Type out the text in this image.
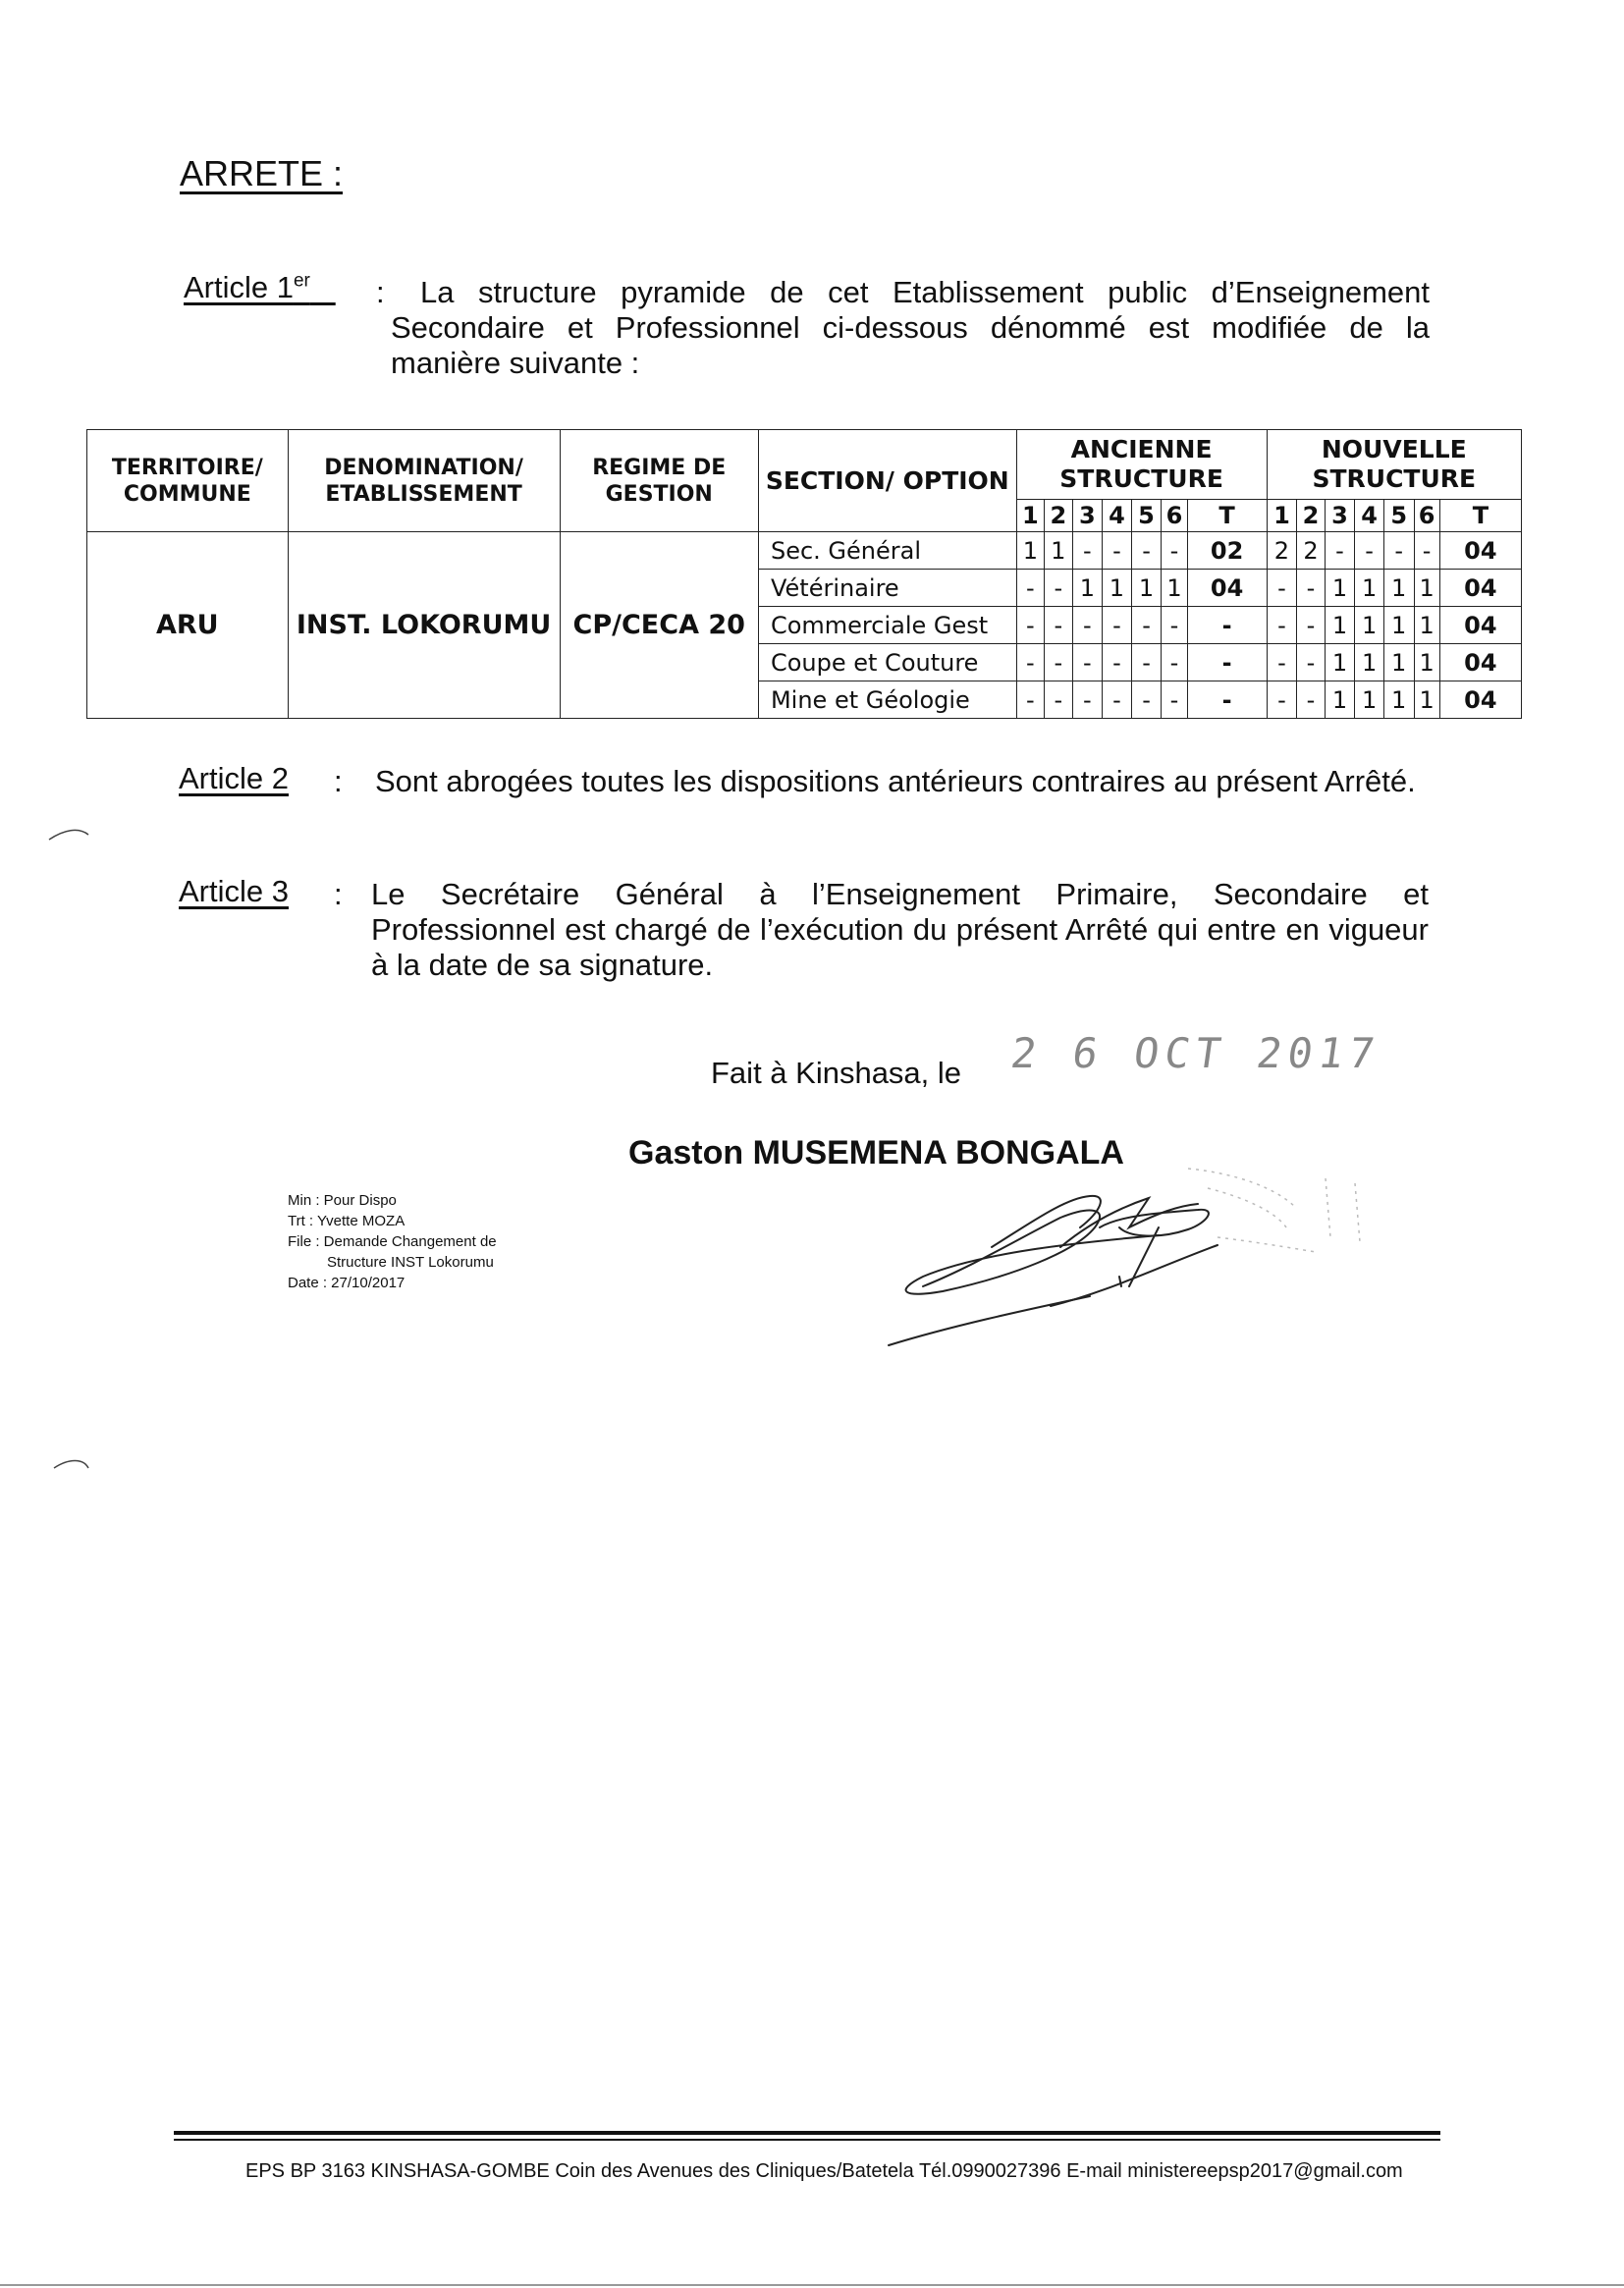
ARRETE :
Article 1er	:	La structure pyramide de cet Etablissement public d’Enseignement Secondaire et Professionnel ci-dessous dénommé est modifiée de la manière suivante :
TERRITOIRE/ COMMUNE	DENOMINATION/ ETABLISSEMENT	REGIME DE GESTION	SECTION/ OPTION	ANCIENNE STRUCTURE							NOUVELLE STRUCTURE						
				1	2	3	4	5	6	T	1	2	3	4	5	6	T
ARU	INST. LOKORUMU	CP/CECA 20	Sec. Général	1	1	-	-	-	-	02	2	2	-	-	-	-	04
			Vétérinaire	-	-	1	1	1	1	04	-	-	1	1	1	1	04
			Commerciale Gest	-	-	-	-	-	-	-	-	-	1	1	1	1	04
			Coupe et Couture	-	-	-	-	-	-	-	-	-	1	1	1	1	04
			Mine et Géologie	-	-	-	-	-	-	-	-	-	1	1	1	1	04
Article 2 : Sont abrogées toutes les dispositions antérieurs contraires au présent Arrêté.
Article 3 : Le Secrétaire Général à l’Enseignement Primaire, Secondaire et Professionnel est chargé de l’exécution du présent Arrêté qui entre en vigueur à la date de sa signature.
Fait à Kinshasa, le 2 6 OCT 2017
Gaston MUSEMENA BONGALA
Min : Pour Dispo
Trt : Yvette MOZA
File : Demande Changement de
Structure INST Lokorumu
Date : 27/10/2017
EPS BP 3163 KINSHASA-GOMBE Coin des Avenues des Cliniques/Batetela Tél.0990027396 E-mail ministereepsp2017@gmail.com
